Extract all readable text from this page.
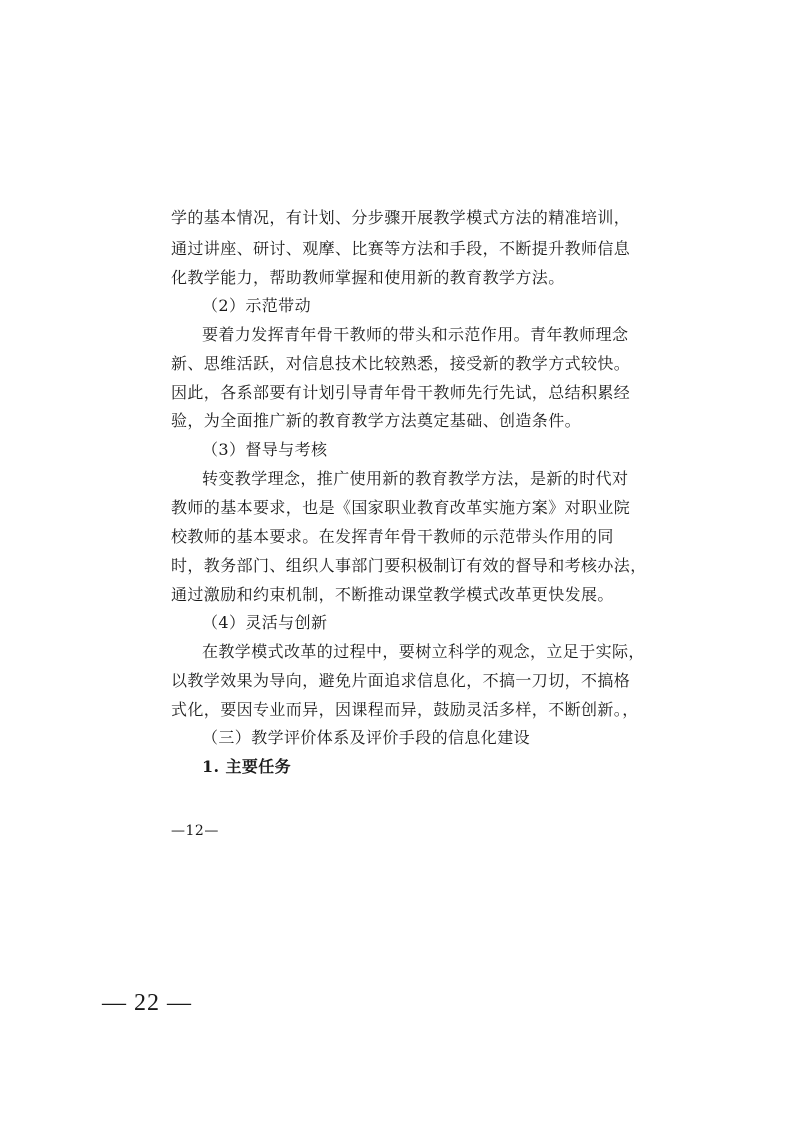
学的基本情况，有计划、分步骤开展教学模式方法的精准培训，
通过讲座、研讨、观摩、比赛等方法和手段，不断提升教师信息
化教学能力，帮助教师掌握和使用新的教育教学方法。
（2）示范带动
要着力发挥青年骨干教师的带头和示范作用。青年教师理念
新、思维活跃，对信息技术比较熟悉，接受新的教学方式较快。
因此，各系部要有计划引导青年骨干教师先行先试，总结积累经
验，为全面推广新的教育教学方法奠定基础、创造条件。
（3）督导与考核
转变教学理念，推广使用新的教育教学方法，是新的时代对
教师的基本要求，也是《国家职业教育改革实施方案》对职业院
校教师的基本要求。在发挥青年骨干教师的示范带头作用的同
时，教务部门、组织人事部门要积极制订有效的督导和考核办法，
通过激励和约束机制，不断推动课堂教学模式改革更快发展。
（4）灵活与创新
在教学模式改革的过程中，要树立科学的观念，立足于实际，
以教学效果为导向，避免片面追求信息化，不搞一刀切，不搞格
式化，要因专业而异，因课程而异，鼓励灵活多样，不断创新。，
（三）教学评价体系及评价手段的信息化建设
1. 主要任务
—12—
— 22 —
